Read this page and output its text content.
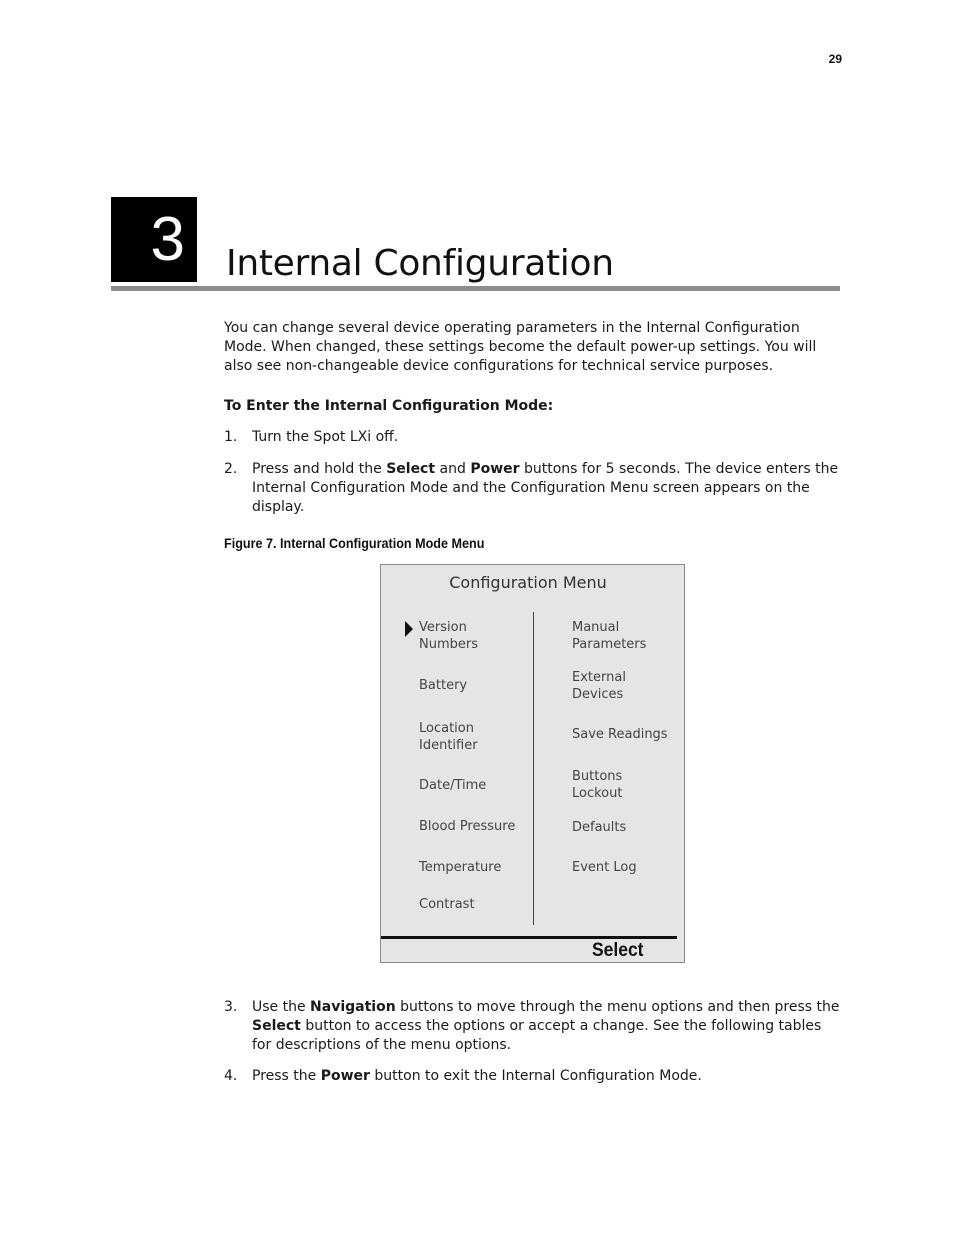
29
3	Internal Configuration

You can change several device operating parameters in the Internal Configuration Mode. When changed, these settings become the default power-up settings. You will also see non-changeable device configurations for technical service purposes.

To Enter the Internal Configuration Mode:
1.	Turn the Spot LXi off.
2.	Press and hold the Select and Power buttons for 5 seconds. The device enters the Internal Configuration Mode and the Configuration Menu screen appears on the display.
Figure 7. Internal Configuration Mode Menu
Configuration Menu
Version
Numbers
Battery
Location
Identifier
Date/Time
Blood Pressure
Temperature
Contrast
Manual
Parameters
External
Devices
Save Readings
Buttons
Lockout
Defaults
Event Log
Select
3.	Use the Navigation buttons to move through the menu options and then press the Select button to access the options or accept a change. See the following tables for descriptions of the menu options.
4.	Press the Power button to exit the Internal Configuration Mode.
